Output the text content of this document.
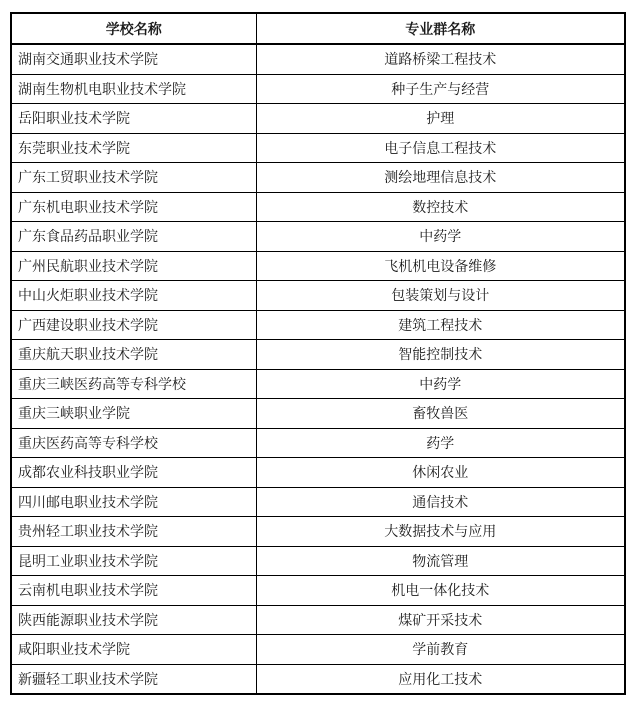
学校名称	专业群名称
湖南交通职业技术学院	道路桥梁工程技术
湖南生物机电职业技术学院	种子生产与经营
岳阳职业技术学院	护理
东莞职业技术学院	电子信息工程技术
广东工贸职业技术学院	测绘地理信息技术
广东机电职业技术学院	数控技术
广东食品药品职业学院	中药学
广州民航职业技术学院	飞机机电设备维修
中山火炬职业技术学院	包装策划与设计
广西建设职业技术学院	建筑工程技术
重庆航天职业技术学院	智能控制技术
重庆三峡医药高等专科学校	中药学
重庆三峡职业学院	畜牧兽医
重庆医药高等专科学校	药学
成都农业科技职业学院	休闲农业
四川邮电职业技术学院	通信技术
贵州轻工职业技术学院	大数据技术与应用
昆明工业职业技术学院	物流管理
云南机电职业技术学院	机电一体化技术
陕西能源职业技术学院	煤矿开采技术
咸阳职业技术学院	学前教育
新疆轻工职业技术学院	应用化工技术
